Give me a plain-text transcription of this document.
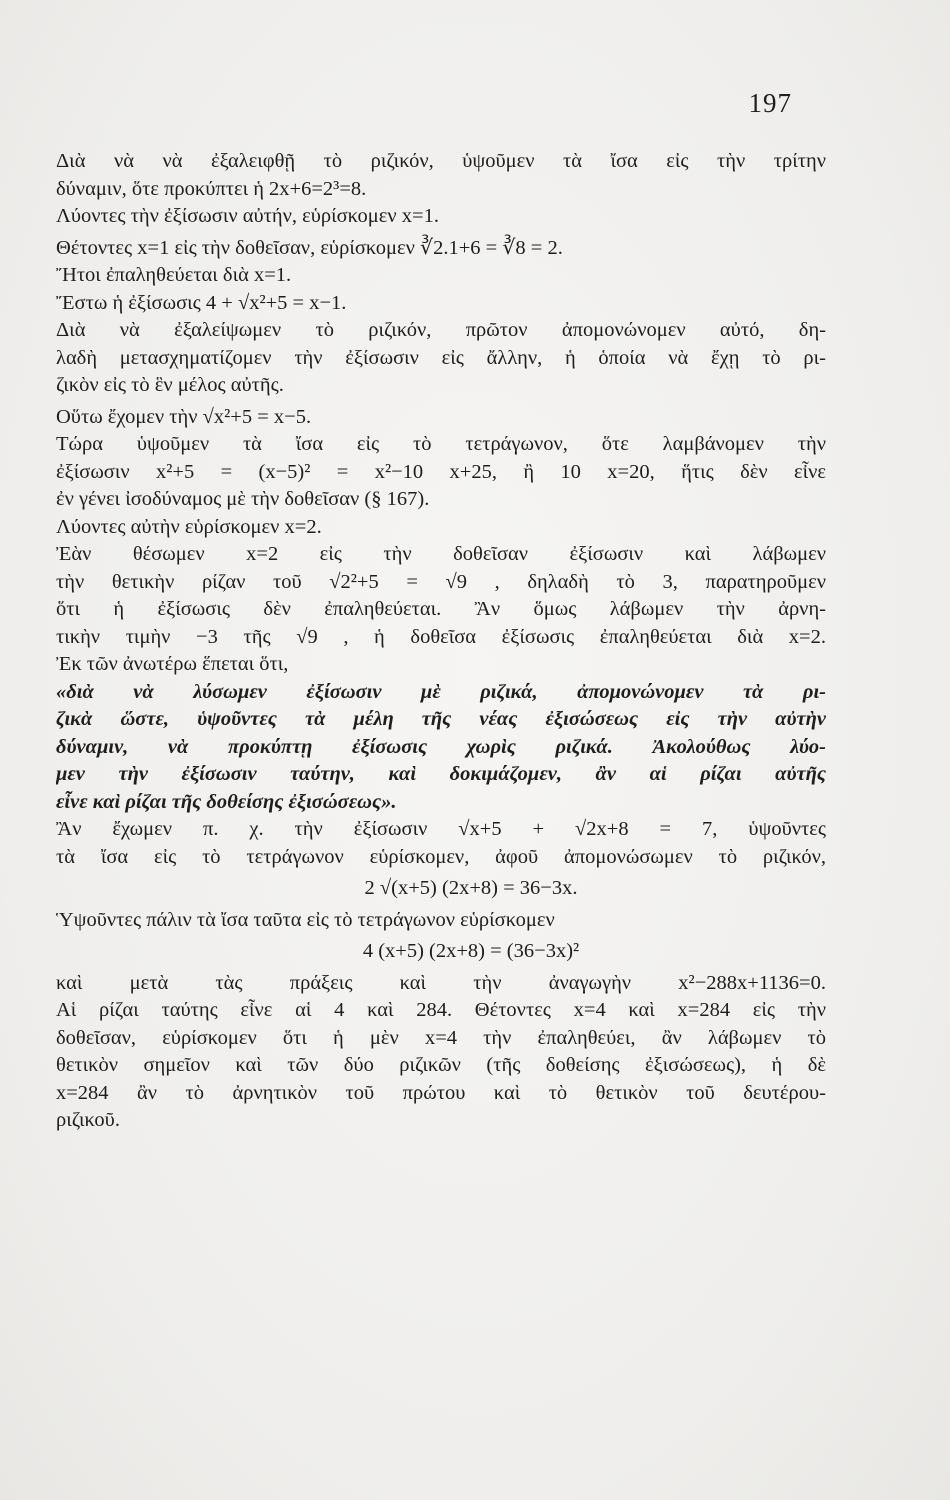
197
Διὰ νὰ νὰ ἐξαλειφθῇ τὸ ριζικόν, ὑψοῦμεν τὰ ἴσα εἰς τὴν τρίτην
δύναμιν, ὅτε προκύπτει ἡ 2x+6=2³=8.
Λύοντες τὴν ἐξίσωσιν αὐτήν, εὑρίσκομεν x=1.
Θέτοντες x=1 εἰς τὴν δοθεῖσαν, εὑρίσκομεν ∛2.1+6 = ∛8 = 2.
Ἤτοι ἐπαληθεύεται διὰ x=1.
Ἔστω ἡ ἐξίσωσις 4 + √x²+5 = x−1.
Διὰ νὰ ἐξαλείψωμεν τὸ ριζικόν, πρῶτον ἀπομονώνομεν αὐτό, δη-
λαδὴ μετασχηματίζομεν τὴν ἐξίσωσιν εἰς ἄλλην, ἡ ὁποία νὰ ἔχῃ τὸ ρι-
ζικὸν εἰς τὸ ἓν μέλος αὐτῆς.
Οὕτω ἔχομεν τὴν √x²+5 = x−5.
Τώρα ὑψοῦμεν τὰ ἴσα εἰς τὸ τετράγωνον, ὅτε λαμβάνομεν τὴν
ἐξίσωσιν x²+5 = (x−5)² = x²−10 x+25, ἢ 10 x=20, ἥτις δὲν εἶνε
ἐν γένει ἰσοδύναμος μὲ τὴν δοθεῖσαν (§ 167).
Λύοντες αὐτὴν εὑρίσκομεν x=2.
Ἐὰν θέσωμεν x=2 εἰς τὴν δοθεῖσαν ἐξίσωσιν καὶ λάβωμεν
τὴν θετικὴν ρίζαν τοῦ √2²+5 = √9 , δηλαδὴ τὸ 3, παρατηροῦμεν
ὅτι ἡ ἐξίσωσις δὲν ἐπαληθεύεται. Ἂν ὅμως λάβωμεν τὴν ἀρνη-
τικὴν τιμὴν −3 τῆς √9 , ἡ δοθεῖσα ἐξίσωσις ἐπαληθεύεται διὰ x=2.
Ἐκ τῶν ἀνωτέρω ἕπεται ὅτι,
«διὰ νὰ λύσωμεν ἐξίσωσιν μὲ ριζικά, ἀπομονώνομεν τὰ ρι-
ζικὰ ὥστε, ὑψοῦντες τὰ μέλη τῆς νέας ἐξισώσεως εἰς τὴν αὐτὴν
δύναμιν, νὰ προκύπτῃ ἐξίσωσις χωρὶς ριζικά. Ἀκολούθως λύο-
μεν τὴν ἐξίσωσιν ταύτην, καὶ δοκιμάζομεν, ἂν αἱ ρίζαι αὐτῆς
εἶνε καὶ ρίζαι τῆς δοθείσης ἐξισώσεως».
Ἂν ἔχωμεν π. χ. τὴν ἐξίσωσιν √x+5 + √2x+8 = 7, ὑψοῦντες
τὰ ἴσα εἰς τὸ τετράγωνον εὑρίσκομεν, ἀφοῦ ἀπομονώσωμεν τὸ ριζικόν,
2 √(x+5) (2x+8) = 36−3x.
Ὑψοῦντες πάλιν τὰ ἴσα ταῦτα εἰς τὸ τετράγωνον εὑρίσκομεν
4 (x+5) (2x+8) = (36−3x)²
καὶ μετὰ τὰς πράξεις καὶ τὴν ἀναγωγὴν x²−288x+1136=0.
Αἱ ρίζαι ταύτης εἶνε αἱ 4 καὶ 284. Θέτοντες x=4 καὶ x=284 εἰς τὴν
δοθεῖσαν, εὑρίσκομεν ὅτι ἡ μὲν x=4 τὴν ἐπαληθεύει, ἂν λάβωμεν τὸ
θετικὸν σημεῖον καὶ τῶν δύο ριζικῶν (τῆς δοθείσης ἐξισώσεως), ἡ δὲ
x=284 ἂν τὸ ἀρνητικὸν τοῦ πρώτου καὶ τὸ θετικὸν τοῦ δευτέρου-
ριζικοῦ.
